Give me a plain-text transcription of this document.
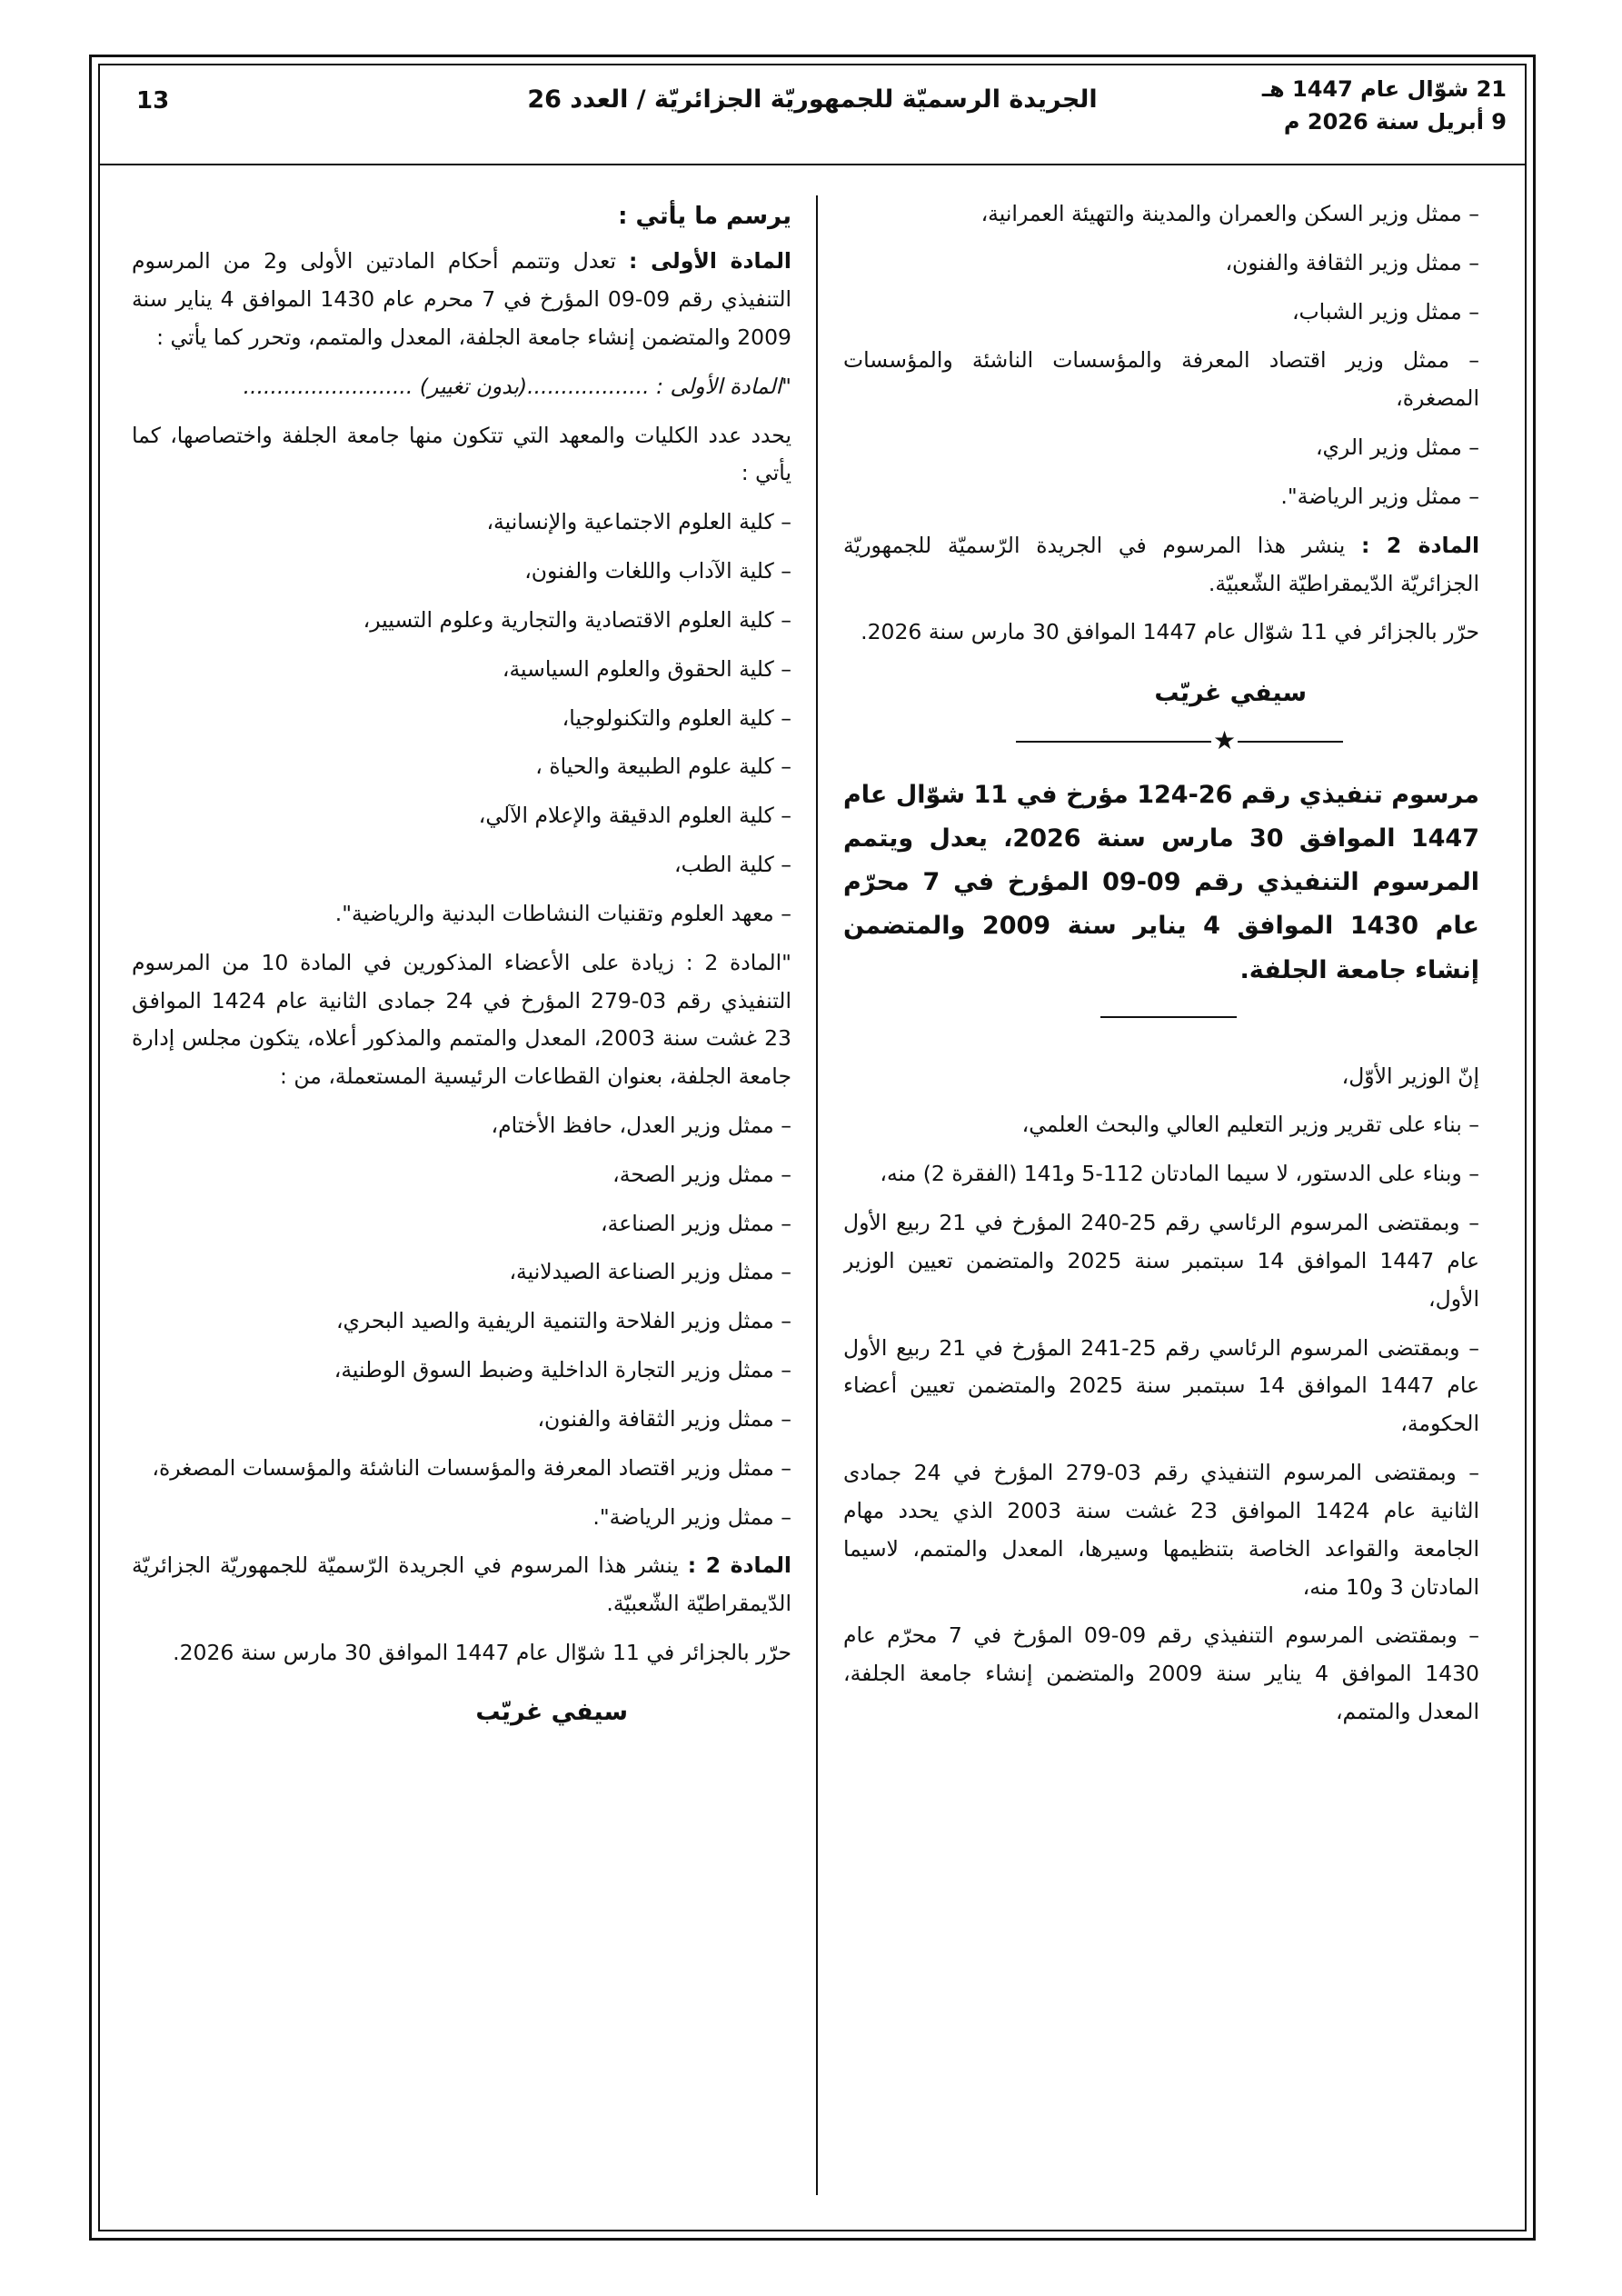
21 شوّال عام 1447 هـ
9 أبريل سنة 2026 م
الجريدة الرسميّة للجمهوريّة الجزائريّة / العدد 26
13

– ممثل وزير السكن والعمران والمدينة والتهيئة العمرانية،

– ممثل وزير الثقافة والفنون،

– ممثل وزير الشباب،

– ممثل وزير اقتصاد المعرفة والمؤسسات الناشئة والمؤسسات المصغرة،

– ممثل وزير الري،

– ممثل وزير الرياضة".

المادة 2 : ينشر هذا المرسوم في الجريدة الرّسميّة للجمهوريّة الجزائريّة الدّيمقراطيّة الشّعبيّة.

حرّر بالجزائر في 11 شوّال عام 1447 الموافق 30 مارس سنة 2026.

سيفي غريّب
★
مرسوم تنفيذي رقم 26-124 مؤرخ في 11 شوّال عام 1447 الموافق 30 مارس سنة 2026، يعدل ويتمم المرسوم التنفيذي رقم 09-09 المؤرخ في 7 محرّم عام 1430 الموافق 4 يناير سنة 2009 والمتضمن إنشاء جامعة الجلفة.

إنّ الوزير الأوّل،

– بناء على تقرير وزير التعليم العالي والبحث العلمي،

– وبناء على الدستور، لا سيما المادتان 112-5 و141 (الفقرة 2) منه،

– وبمقتضى المرسوم الرئاسي رقم 25-240 المؤرخ في 21 ربيع الأول عام 1447 الموافق 14 سبتمبر سنة 2025 والمتضمن تعيين الوزير الأول،

– وبمقتضى المرسوم الرئاسي رقم 25-241 المؤرخ في 21 ربيع الأول عام 1447 الموافق 14 سبتمبر سنة 2025 والمتضمن تعيين أعضاء الحكومة،

– وبمقتضى المرسوم التنفيذي رقم 03-279 المؤرخ في 24 جمادى الثانية عام 1424 الموافق 23 غشت سنة 2003 الذي يحدد مهام الجامعة والقواعد الخاصة بتنظيمها وسيرها، المعدل والمتمم، لاسيما المادتان 3 و10 منه،

– وبمقتضى المرسوم التنفيذي رقم 09-09 المؤرخ في 7 محرّم عام 1430 الموافق 4 يناير سنة 2009 والمتضمن إنشاء جامعة الجلفة، المعدل والمتمم،

يرسم ما يأتي :

المادة الأولى : تعدل وتتمم أحكام المادتين الأولى و2 من المرسوم التنفيذي رقم 09-09 المؤرخ في 7 محرم عام 1430 الموافق 4 يناير سنة 2009 والمتضمن إنشاء جامعة الجلفة، المعدل والمتمم، وتحرر كما يأتي :

"المادة الأولى : ..................(بدون تغيير) .........................

يحدد عدد الكليات والمعهد التي تتكون منها جامعة الجلفة واختصاصها، كما يأتي :

– كلية العلوم الاجتماعية والإنسانية،

– كلية الآداب واللغات والفنون،

– كلية العلوم الاقتصادية والتجارية وعلوم التسيير،

– كلية الحقوق والعلوم السياسية،

– كلية العلوم والتكنولوجيا،

– كلية علوم الطبيعة والحياة ،

– كلية العلوم الدقيقة والإعلام الآلي،

– كلية الطب،

– معهد العلوم وتقنيات النشاطات البدنية والرياضية".

"المادة 2 : زيادة على الأعضاء المذكورين في المادة 10 من المرسوم التنفيذي رقم 03-279 المؤرخ في 24 جمادى الثانية عام 1424 الموافق 23 غشت سنة 2003، المعدل والمتمم والمذكور أعلاه، يتكون مجلس إدارة جامعة الجلفة، بعنوان القطاعات الرئيسية المستعملة، من :

– ممثل وزير العدل، حافظ الأختام،

– ممثل وزير الصحة،

– ممثل وزير الصناعة،

– ممثل وزير الصناعة الصيدلانية،

– ممثل وزير الفلاحة والتنمية الريفية والصيد البحري،

– ممثل وزير التجارة الداخلية وضبط السوق الوطنية،

– ممثل وزير الثقافة والفنون،

– ممثل وزير اقتصاد المعرفة والمؤسسات الناشئة والمؤسسات المصغرة،

– ممثل وزير الرياضة".

المادة 2 : ينشر هذا المرسوم في الجريدة الرّسميّة للجمهوريّة الجزائريّة الدّيمقراطيّة الشّعبيّة.

حرّر بالجزائر في 11 شوّال عام 1447 الموافق 30 مارس سنة 2026.

سيفي غريّب
